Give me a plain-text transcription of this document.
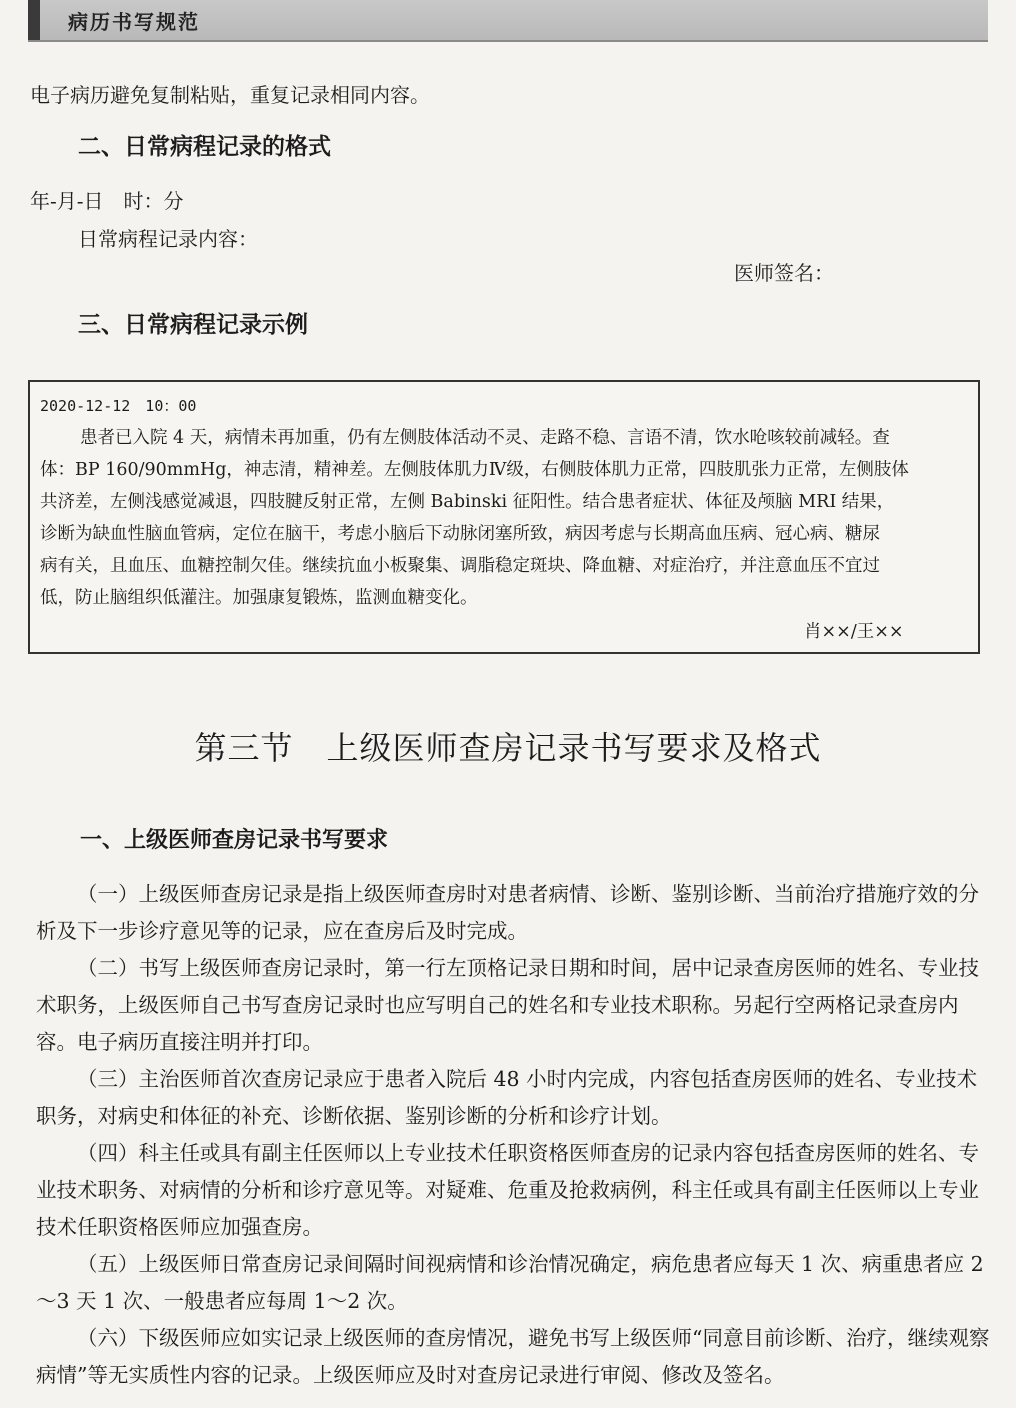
病历书写规范
电子病历避免复制粘贴，重复记录相同内容。
二、日常病程记录的格式
年-月-日　时：分
日常病程记录内容：
医师签名：
三、日常病程记录示例
2020-12-12　10：00
患者已入院 4 天，病情未再加重，仍有左侧肢体活动不灵、走路不稳、言语不清，饮水呛咳较前减轻。查
体：BP 160/90mmHg，神志清，精神差。左侧肢体肌力Ⅳ级，右侧肢体肌力正常，四肢肌张力正常，左侧肢体
共济差，左侧浅感觉减退，四肢腱反射正常，左侧 Babinski 征阳性。结合患者症状、体征及颅脑 MRI 结果，
诊断为缺血性脑血管病，定位在脑干，考虑小脑后下动脉闭塞所致，病因考虑与长期高血压病、冠心病、糖尿
病有关，且血压、血糖控制欠佳。继续抗血小板聚集、调脂稳定斑块、降血糖、对症治疗，并注意血压不宜过
低，防止脑组织低灌注。加强康复锻炼，监测血糖变化。
肖××/王××
第三节　上级医师查房记录书写要求及格式
一、上级医师查房记录书写要求

（一）上级医师查房记录是指上级医师查房时对患者病情、诊断、鉴别诊断、当前治疗措施疗效的分析及下一步诊疗意见等的记录，应在查房后及时完成。

（二）书写上级医师查房记录时，第一行左顶格记录日期和时间，居中记录查房医师的姓名、专业技术职务，上级医师自己书写查房记录时也应写明自己的姓名和专业技术职称。另起行空两格记录查房内容。电子病历直接注明并打印。

（三）主治医师首次查房记录应于患者入院后 48 小时内完成，内容包括查房医师的姓名、专业技术职务，对病史和体征的补充、诊断依据、鉴别诊断的分析和诊疗计划。

（四）科主任或具有副主任医师以上专业技术任职资格医师查房的记录内容包括查房医师的姓名、专业技术职务、对病情的分析和诊疗意见等。对疑难、危重及抢救病例，科主任或具有副主任医师以上专业技术任职资格医师应加强查房。

（五）上级医师日常查房记录间隔时间视病情和诊治情况确定，病危患者应每天 1 次、病重患者应 2～3 天 1 次、一般患者应每周 1～2 次。

（六）下级医师应如实记录上级医师的查房情况，避免书写上级医师“同意目前诊断、治疗，继续观察病情”等无实质性内容的记录。上级医师应及时对查房记录进行审阅、修改及签名。
